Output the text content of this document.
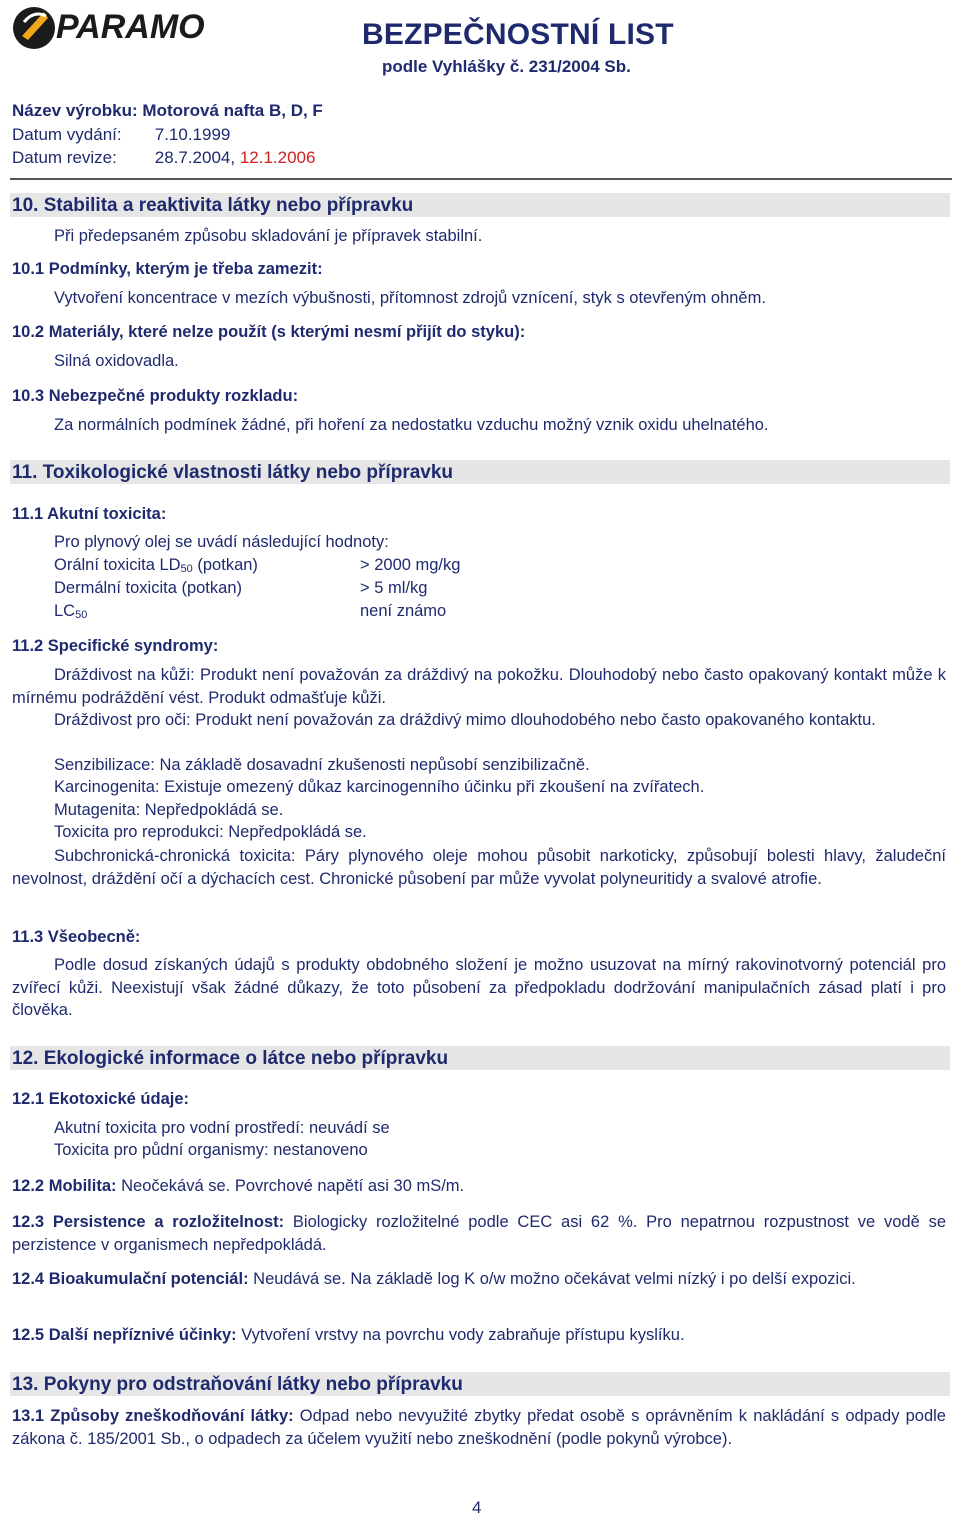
PARAMO	BEZPEČNOSTNÍ LIST
podle Vyhlášky č. 231/2004 Sb.
Název výrobku: Motorová nafta B, D, F
Datum vydání: 7.10.1999
Datum revize: 28.7.2004, 12.1.2006
10. Stabilita a reaktivita látky nebo přípravku
Při předepsaném způsobu skladování je přípravek stabilní.
10.1 Podmínky, kterým je třeba zamezit:
Vytvoření koncentrace v mezích výbušnosti, přítomnost zdrojů vznícení, styk s otevřeným ohněm.
10.2 Materiály, které nelze použít (s kterými nesmí přijít do styku):
Silná oxidovadla.
10.3 Nebezpečné produkty rozkladu:
Za normálních podmínek žádné, při hoření za nedostatku vzduchu možný vznik oxidu uhelnatého.
11. Toxikologické vlastnosti látky nebo přípravku
11.1 Akutní toxicita:
Pro plynový olej se uvádí následující hodnoty:
Orální toxicita $LD_{50}$ (potkan)	> 2000 mg/kg
Dermální toxicita (potkan)	> 5 ml/kg
$LC_{50}$	není známo
11.2 Specifické syndromy:
Dráždivost na kůži: Produkt není považován za dráždivý na pokožku. Dlouhodobý nebo často opakovaný kontakt může k mírnému podráždění vést. Produkt odmašťuje kůži.
Dráždivost pro oči: Produkt není považován za dráždivý mimo dlouhodobého nebo často opakovaného kontaktu.
Senzibilizace: Na základě dosavadní zkušenosti nepůsobí senzibilizačně.
Karcinogenita: Existuje omezený důkaz karcinogenního účinku při zkoušení na zvířatech.
Mutagenita: Nepředpokládá se.
Toxicita pro reprodukci: Nepředpokládá se.
Subchronická-chronická toxicita: Páry plynového oleje mohou působit narkoticky, způsobují bolesti hlavy, žaludeční nevolnost, dráždění očí a dýchacích cest. Chronické působení par může vyvolat polyneuritidy a svalové atrofie.
11.3 Všeobecně:
Podle dosud získaných údajů s produkty obdobného složení je možno usuzovat na mírný rakovinotvorný potenciál pro zvířecí kůži. Neexistují však žádné důkazy, že toto působení za předpokladu dodržování manipulačních zásad platí i pro člověka.
12. Ekologické informace o látce nebo přípravku
12.1 Ekotoxické údaje:
Akutní toxicita pro vodní prostředí: neuvádí se
Toxicita pro půdní organismy: nestanoveno
12.2 Mobilita: Neočekává se. Povrchové napětí asi 30 mS/m.
12.3 Persistence a rozložitelnost: Biologicky rozložitelné podle CEC asi 62 %. Pro nepatrnou rozpustnost ve vodě se perzistence v organismech nepředpokládá.
12.4 Bioakumulační potenciál: Neudává se. Na základě log K o/w možno očekávat velmi nízký i po delší expozici.
12.5 Další nepříznivé účinky: Vytvoření vrstvy na povrchu vody zabraňuje přístupu kyslíku.
13. Pokyny pro odstraňování látky nebo přípravku
13.1 Způsoby zneškodňování látky: Odpad nebo nevyužité zbytky předat osobě s oprávněním k nakládání s odpady podle zákona č. 185/2001 Sb., o odpadech za účelem využití nebo zneškodnění (podle pokynů výrobce).
4
